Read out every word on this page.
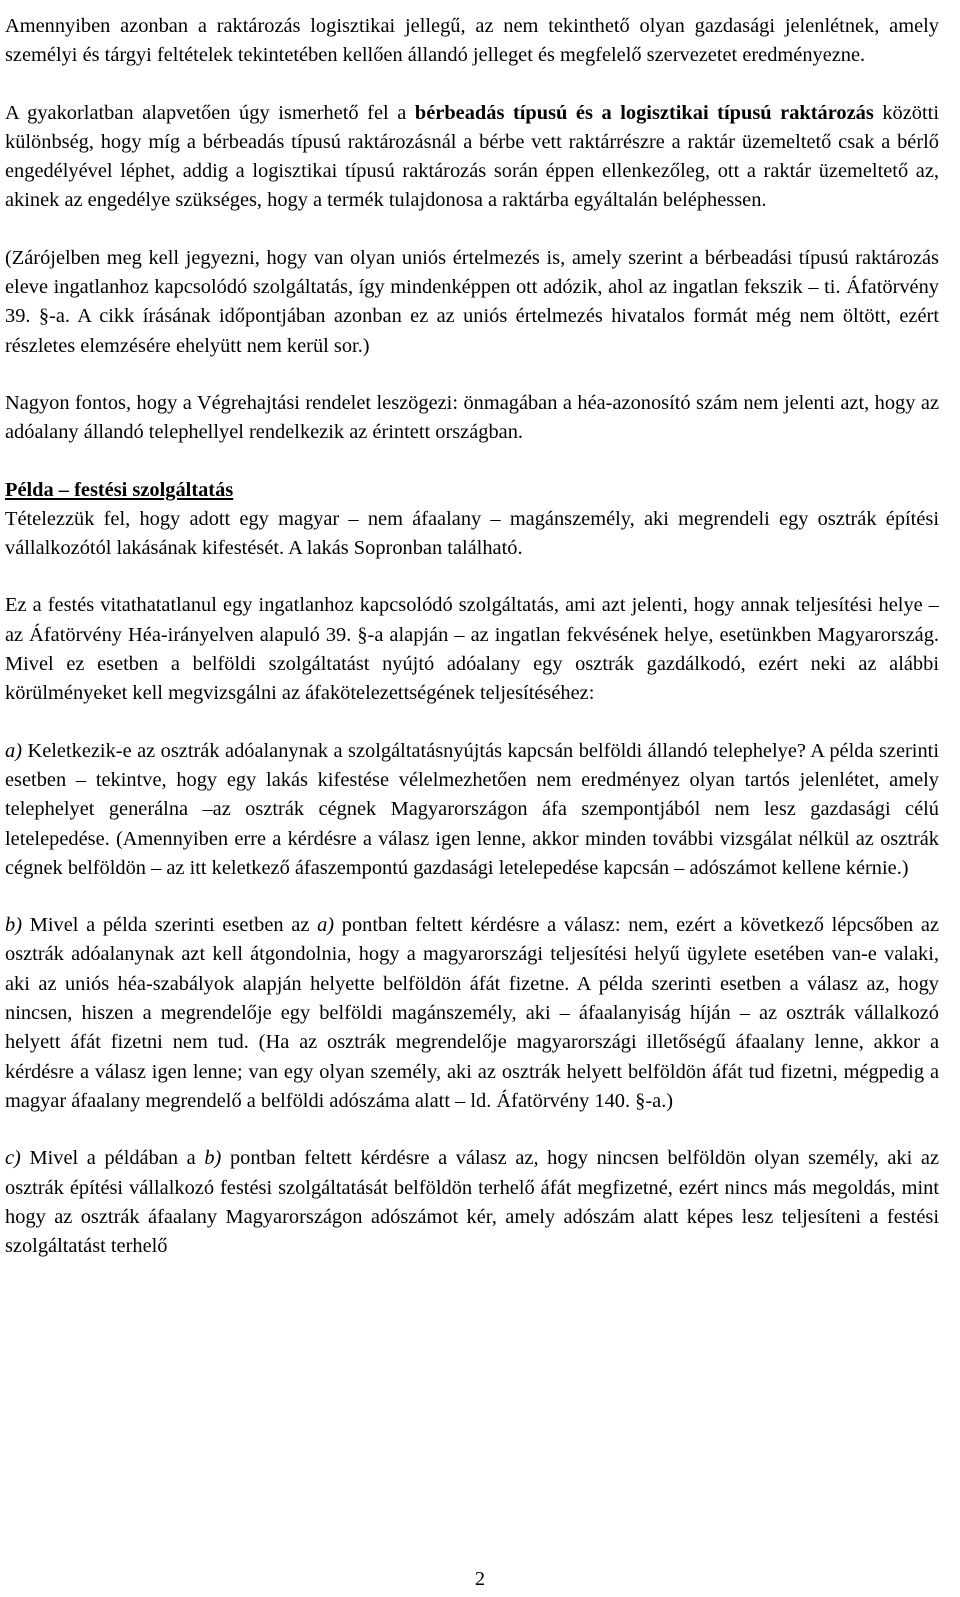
Amennyiben azonban a raktározás logisztikai jellegű, az nem tekinthető olyan gazdasági jelenlétnek, amely személyi és tárgyi feltételek tekintetében kellően állandó jelleget és megfelelő szervezetet eredményezne.

A gyakorlatban alapvetően úgy ismerhető fel a bérbeadás típusú és a logisztikai típusú raktározás közötti különbség, hogy míg a bérbeadás típusú raktározásnál a bérbe vett raktárrészre a raktár üzemeltető csak a bérlő engedélyével léphet, addig a logisztikai típusú raktározás során éppen ellenkezőleg, ott a raktár üzemeltető az, akinek az engedélye szükséges, hogy a termék tulajdonosa a raktárba egyáltalán beléphessen.

(Zárójelben meg kell jegyezni, hogy van olyan uniós értelmezés is, amely szerint a bérbeadási típusú raktározás eleve ingatlanhoz kapcsolódó szolgáltatás, így mindenképpen ott adózik, ahol az ingatlan fekszik – ti. Áfatörvény 39. §-a. A cikk írásának időpontjában azonban ez az uniós értelmezés hivatalos formát még nem öltött, ezért részletes elemzésére ehelyütt nem kerül sor.)

Nagyon fontos, hogy a Végrehajtási rendelet leszögezi: önmagában a héa-azonosító szám nem jelenti azt, hogy az adóalany állandó telephellyel rendelkezik az érintett országban.

Példa – festési szolgáltatás
Tételezzük fel, hogy adott egy magyar – nem áfaalany – magánszemély, aki megrendeli egy osztrák építési vállalkozótól lakásának kifestését. A lakás Sopronban található.

Ez a festés vitathatatlanul egy ingatlanhoz kapcsolódó szolgáltatás, ami azt jelenti, hogy annak teljesítési helye – az Áfatörvény Héa-irányelven alapuló 39. §-a alapján – az ingatlan fekvésének helye, esetünkben Magyarország. Mivel ez esetben a belföldi szolgáltatást nyújtó adóalany egy osztrák gazdálkodó, ezért neki az alábbi körülményeket kell megvizsgálni az áfakötelezettségének teljesítéséhez:

a) Keletkezik-e az osztrák adóalanynak a szolgáltatásnyújtás kapcsán belföldi állandó telephelye? A példa szerinti esetben – tekintve, hogy egy lakás kifestése vélelmezhetően nem eredményez olyan tartós jelenlétet, amely telephelyet generálna –az osztrák cégnek Magyarországon áfa szempontjából nem lesz gazdasági célú letelepedése. (Amennyiben erre a kérdésre a válasz igen lenne, akkor minden további vizsgálat nélkül az osztrák cégnek belföldön – az itt keletkező áfaszempontú gazdasági letelepedése kapcsán – adószámot kellene kérnie.)

b) Mivel a példa szerinti esetben az a) pontban feltett kérdésre a válasz: nem, ezért a következő lépcsőben az osztrák adóalanynak azt kell átgondolnia, hogy a magyarországi teljesítési helyű ügylete esetében van-e valaki, aki az uniós héa-szabályok alapján helyette belföldön áfát fizetne. A példa szerinti esetben a válasz az, hogy nincsen, hiszen a megrendelője egy belföldi magánszemély, aki – áfaalanyiság híján – az osztrák vállalkozó helyett áfát fizetni nem tud. (Ha az osztrák megrendelője magyarországi illetőségű áfaalany lenne, akkor a kérdésre a válasz igen lenne; van egy olyan személy, aki az osztrák helyett belföldön áfát tud fizetni, mégpedig a magyar áfaalany megrendelő a belföldi adószáma alatt – ld. Áfatörvény 140. §-a.)

c) Mivel a példában a b) pontban feltett kérdésre a válasz az, hogy nincsen belföldön olyan személy, aki az osztrák építési vállalkozó festési szolgáltatását belföldön terhelő áfát megfizetné, ezért nincs más megoldás, mint hogy az osztrák áfaalany Magyarországon adószámot kér, amely adószám alatt képes lesz teljesíteni a festési szolgáltatást terhelő

2
